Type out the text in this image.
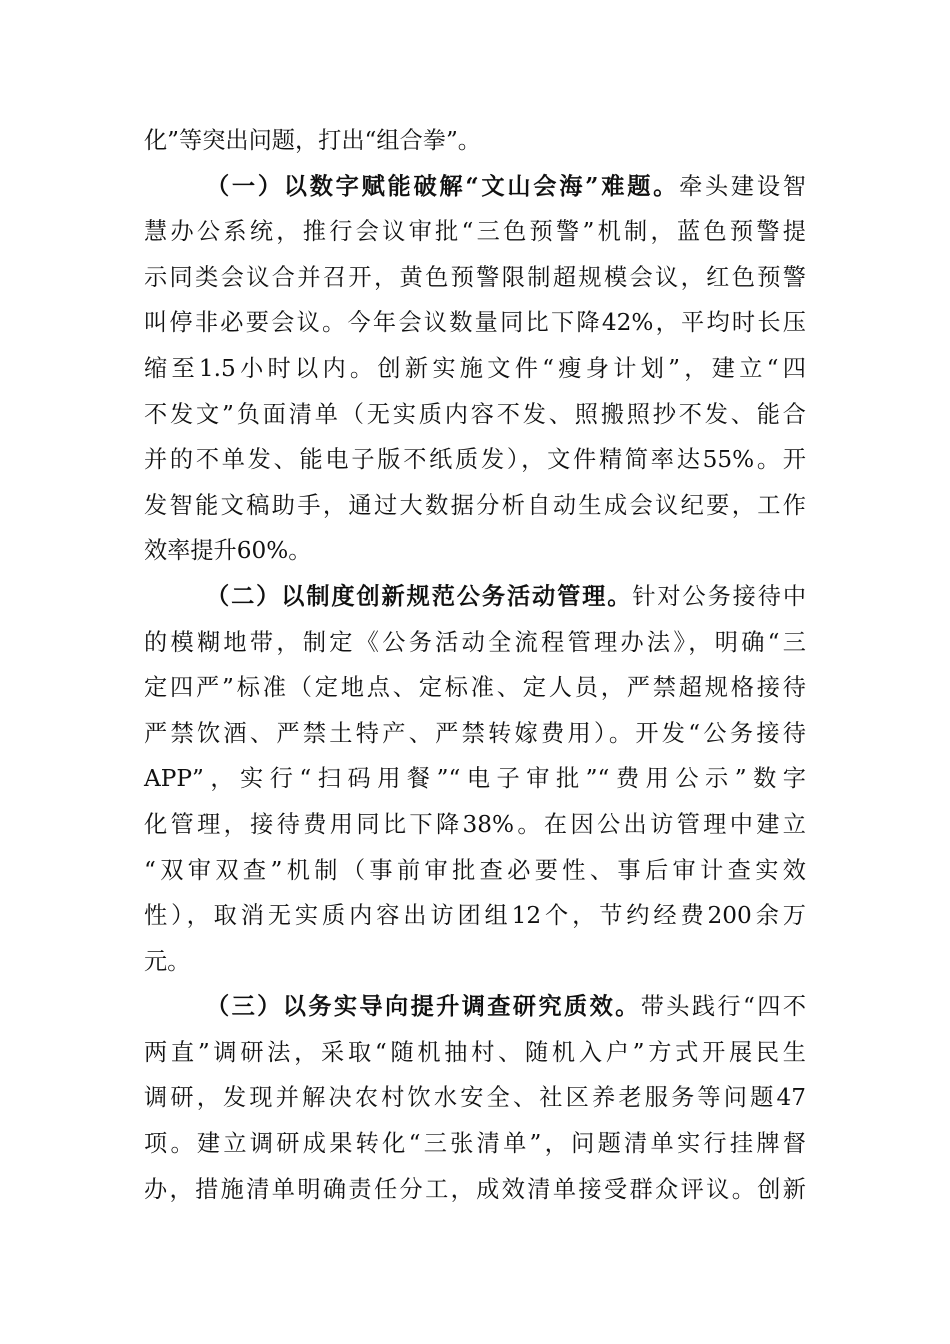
化”等突出问题，打出“组合拳”。
（一）以数字赋能破解“文山会海”难题。牵头建设智
慧办公系统，推行会议审批“三色预警”机制，蓝色预警提
示同类会议合并召开，黄色预警限制超规模会议，红色预警
叫停非必要会议。今年会议数量同比下降42%，平均时长压
缩至1.5小时以内。创新实施文件“瘦身计划”，建立“四
不发文”负面清单（无实质内容不发、照搬照抄不发、能合
并的不单发、能电子版不纸质发），文件精简率达55%。开
发智能文稿助手，通过大数据分析自动生成会议纪要，工作
效率提升60%。
（二）以制度创新规范公务活动管理。针对公务接待中
的模糊地带，制定《公务活动全流程管理办法》，明确“三
定四严”标准（定地点、定标准、定人员，严禁超规格接待
严禁饮酒、严禁土特产、严禁转嫁费用）。开发“公务接待
APP”，实行“扫码用餐”“电子审批”“费用公示”数字
化管理，接待费用同比下降38%。在因公出访管理中建立
“双审双查”机制（事前审批查必要性、事后审计查实效
性），取消无实质内容出访团组12个，节约经费200余万
元。
（三）以务实导向提升调查研究质效。带头践行“四不
两直”调研法，采取“随机抽村、随机入户”方式开展民生
调研，发现并解决农村饮水安全、社区养老服务等问题47
项。建立调研成果转化“三张清单”，问题清单实行挂牌督
办，措施清单明确责任分工，成效清单接受群众评议。创新
